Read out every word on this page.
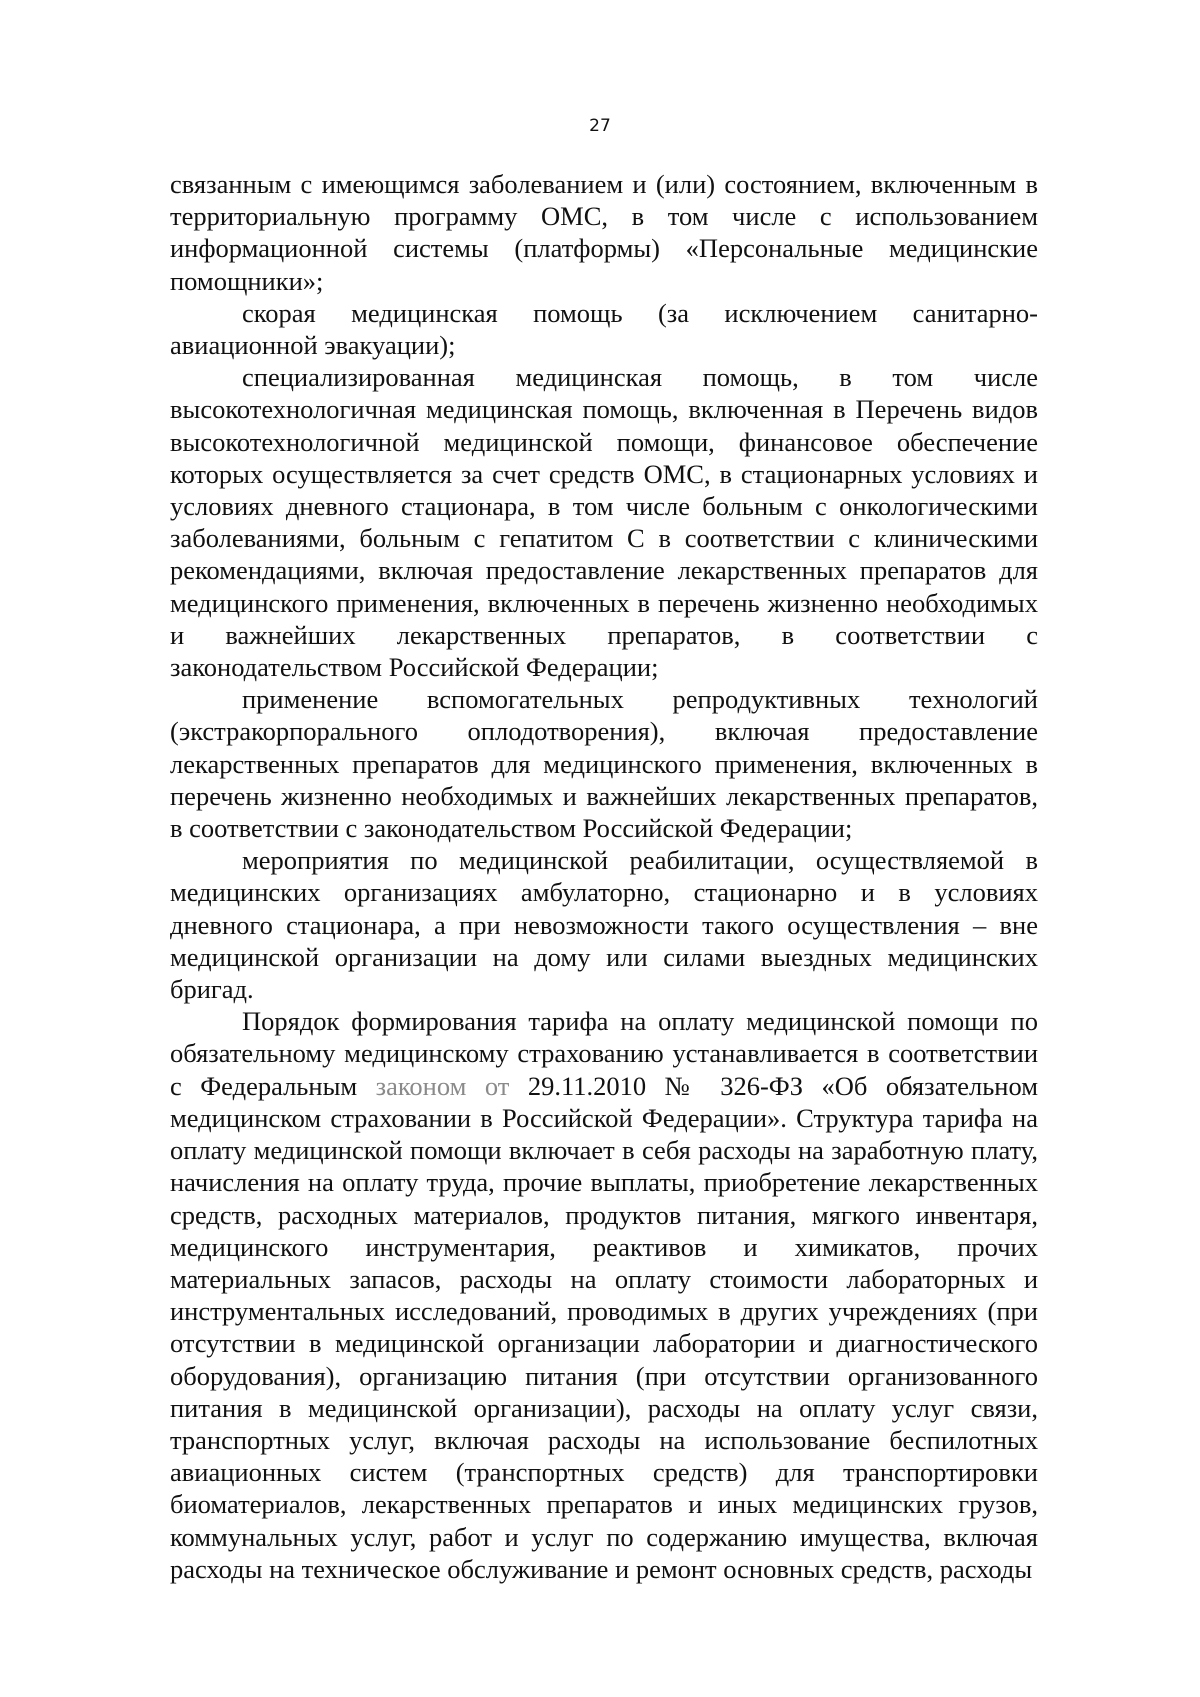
27

связанным с имеющимся заболеванием и (или) состоянием, включенным в территориальную программу ОМС, в том числе с использованием информационной системы (платформы) «Персональные медицинские помощники»;

скорая медицинская помощь (за исключением санитарно-авиационной эвакуации);

специализированная медицинская помощь, в том числе высокотехнологичная медицинская помощь, включенная в Перечень видов высокотехнологичной медицинской помощи, финансовое обеспечение которых осуществляется за счет средств ОМС, в стационарных условиях и условиях дневного стационара, в том числе больным с онкологическими заболеваниями, больным с гепатитом С в соответствии с клиническими рекомендациями, включая предоставление лекарственных препаратов для медицинского применения, включенных в перечень жизненно необходимых и важнейших лекарственных препаратов, в соответствии с законодательством Российской Федерации;

применение вспомогательных репродуктивных технологий (экстракорпорального оплодотворения), включая предоставление лекарственных препаратов для медицинского применения, включенных в перечень жизненно необходимых и важнейших лекарственных препаратов, в соответствии с законодательством Российской Федерации;

мероприятия по медицинской реабилитации, осуществляемой в медицинских организациях амбулаторно, стационарно и в условиях дневного стационара, а при невозможности такого осуществления – вне медицинской организации на дому или силами выездных медицинских бригад.

Порядок формирования тарифа на оплату медицинской помощи по обязательному медицинскому страхованию устанавливается в соответствии с Федеральным законом от 29.11.2010 № 326-ФЗ «Об обязательном медицинском страховании в Российской Федерации». Структура тарифа на оплату медицинской помощи включает в себя расходы на заработную плату, начисления на оплату труда, прочие выплаты, приобретение лекарственных средств, расходных материалов, продуктов питания, мягкого инвентаря, медицинского инструментария, реактивов и химикатов, прочих материальных запасов, расходы на оплату стоимости лабораторных и инструментальных исследований, проводимых в других учреждениях (при отсутствии в медицинской организации лаборатории и диагностического оборудования), организацию питания (при отсутствии организованного питания в медицинской организации), расходы на оплату услуг связи, транспортных услуг, включая расходы на использование беспилотных авиационных систем (транспортных средств) для транспортировки биоматериалов, лекарственных препаратов и иных медицинских грузов, коммунальных услуг, работ и услуг по содержанию имущества, включая расходы на техническое обслуживание и ремонт основных средств, расходы
